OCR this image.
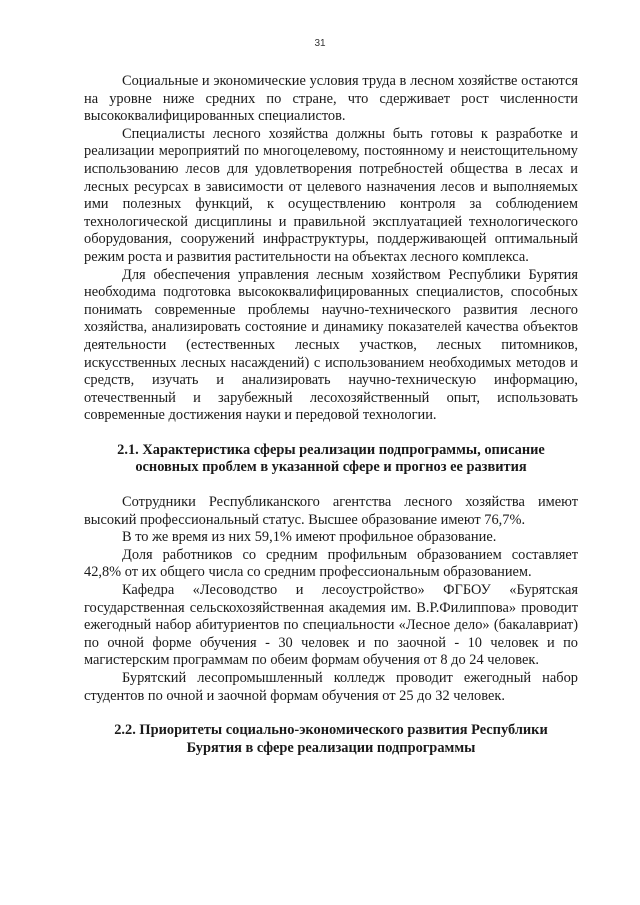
31

Социальные и экономические условия труда в лесном хозяйстве остаются на уровне ниже средних по стране, что сдерживает рост численности высококвалифицированных специалистов.

Специалисты лесного хозяйства должны быть готовы к разработке и реализации мероприятий по многоцелевому, постоянному и неистощительному использованию лесов для удовлетворения потребностей общества в лесах и лесных ресурсах в зависимости от целевого назначения лесов и выполняемых ими полезных функций, к осуществлению контроля за соблюдением технологической дисциплины и правильной эксплуатацией технологического оборудования, сооружений инфраструктуры, поддерживающей оптимальный режим роста и развития растительности на объектах лесного комплекса.

Для обеспечения управления лесным хозяйством Республики Бурятия необходима подготовка высококвалифицированных специалистов, способных понимать современные проблемы научно-технического развития лесного хозяйства, анализировать состояние и динамику показателей качества объектов деятельности (естественных лесных участков, лесных питомников, искусственных лесных насаждений) с использованием необходимых методов и средств, изучать и анализировать научно-техническую информацию, отечественный и зарубежный лесохозяйственный опыт, использовать современные достижения науки и передовой технологии.

2.1. Характеристика сферы реализации подпрограммы, описание
основных проблем в указанной сфере и прогноз ее развития

Сотрудники Республиканского агентства лесного хозяйства имеют высокий профессиональный статус. Высшее образование имеют 76,7%.

В то же время из них 59,1% имеют профильное образование.

Доля работников со средним профильным образованием составляет 42,8% от их общего числа со средним профессиональным образованием.

Кафедра «Лесоводство и лесоустройство» ФГБОУ «Бурятская государственная сельскохозяйственная академия им. В.Р.Филиппова» проводит ежегодный набор абитуриентов по специальности «Лесное дело» (бакалавриат) по очной форме обучения - 30 человек и по заочной - 10 человек и по магистерским программам по обеим формам обучения от 8 до 24 человек.

Бурятский лесопромышленный колледж проводит ежегодный набор студентов по очной и заочной формам обучения от 25 до 32 человек.

2.2. Приоритеты социально-экономического развития Республики
Бурятия в сфере реализации подпрограммы
